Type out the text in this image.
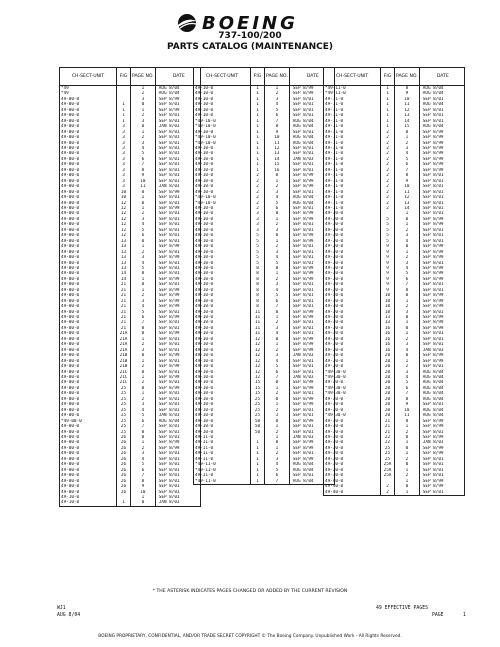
BOEING
737-100/200
PARTS CATALOG (MAINTENANCE)
CH-SECT-UNIT	FIG	PAGE NO.	DATE
*49		1	AUG 8/04
*49		2	AUG 8/04
49-00-0		3	SEP 8/99
49-00-0	1	0	SEP 8/01
49-00-0	1	1	SEP 8/99
49-00-0	1	2	SEP 8/01
49-00-0	1	3	SEP 8/01
49-00-0	3	0	JAN 8/03
49-00-0	3	1	SEP 8/01
49-00-0	3	2	SEP 8/01
49-00-0	3	3	SEP 8/01
49-00-0	3	4	SEP 8/01
49-00-0	3	5	SEP 8/01
49-00-0	3	6	SEP 8/01
49-00-0	3	7	SEP 8/01
49-00-0	3	8	SEP 8/01
49-00-0	3	9	SEP 8/01
49-00-0	3	10	SEP 8/01
49-00-0	3	11	JAN 8/03
49-00-0	10	0	SEP 8/99
49-00-0	10	1	SEP 8/01
49-00-0	12	0	SEP 8/01
49-00-0	12	1	SEP 8/99
49-00-0	12	2	SEP 8/01
49-00-0	12	3	SEP 8/01
49-00-0	12	4	SEP 8/01
49-00-0	12	5	SEP 8/01
49-00-0	12	6	SEP 8/01
49-00-0	13	0	SEP 8/01
49-00-0	13	1	SEP 8/99
49-00-0	13	2	SEP 8/01
49-00-0	13	3	SEP 8/99
49-00-0	13	4	SEP 8/01
49-00-0	13	5	SEP 8/01
49-00-0	14	0	SEP 8/01
49-00-0	14	1	SEP 8/99
49-00-0	21	0	SEP 8/01
49-00-0	21	1	SEP 8/99
49-00-0	21	2	SEP 8/99
49-00-0	21	3	SEP 8/99
49-00-0	21	4	SEP 8/99
49-00-0	21	5	SEP 8/01
49-00-0	21	6	SEP 8/99
49-00-0	21	7	SEP 8/01
49-00-0	21	8	SEP 8/01
49-00-0	21A	0	SEP 8/99
49-00-0	21A	1	SEP 8/01
49-00-0	21A	2	SEP 8/01
49-00-0	21A	3	SEP 8/01
49-00-0	21B	0	SEP 8/99
49-00-0	21B	1	SEP 8/01
49-00-0	21B	2	SEP 8/99
49-00-0	21C	0	SEP 8/01
49-00-0	21C	1	SEP 8/99
49-00-0	21C	2	SEP 8/01
49-00-0	25	0	SEP 8/99
49-00-0	25	1	SEP 8/01
49-00-0	25	2	SEP 8/01
49-00-0	25	3	SEP 8/01
49-00-0	25	4	SEP 8/01
49-00-0	25	5	JAN 8/03
*49-00-0	25	6	AUG 8/04
49-00-0	25	7	SEP 8/01
49-00-0	25	8	SEP 8/01
49-00-0	26	0	SEP 8/01
49-00-0	26	1	SEP 8/99
49-00-0	26	2	SEP 8/99
49-00-0	26	3	SEP 8/01
49-00-0	26	4	SEP 8/01
49-00-0	26	5	SEP 8/01
49-00-0	26	6	SEP 8/01
49-00-0	26	7	SEP 8/01
49-00-0	26	8	SEP 8/01
49-00-0	26	9	SEP 8/01
49-00-0	26	10	SEP 8/01
49-10-0		1	SEP 8/01
49-10-0	1	0	JAN 8/03
CH-SECT-UNIT	FIG	PAGE NO.	DATE
49-10-0	1	1	SEP 8/99
49-10-0	1	2	SEP 8/99
49-10-0	1	3	SEP 8/01
49-10-0	1	4	SEP 8/01
49-10-0	1	5	SEP 8/01
49-10-0	1	6	SEP 8/01
*49-10-0	1	7	AUG 8/04
*49-10-0	1	8	AUG 8/04
49-10-0	1	9	SEP 8/01
*49-10-0	1	10	AUG 8/04
*49-10-0	1	11	AUG 8/04
49-10-0	1	12	SEP 8/01
49-10-0	1	13	SEP 8/01
49-10-0	1	14	JAN 8/03
49-10-0	1	15	SEP 8/01
49-10-0	1	16	SEP 8/01
49-10-0	2	0	SEP 8/99
49-10-0	2	1	SEP 8/99
49-10-0	2	2	SEP 8/99
49-10-0	2	3	SEP 8/01
*49-10-0	2	4	AUG 8/04
*49-10-0	2	5	AUG 8/04
49-10-0	2	6	SEP 8/01
49-10-0	3	0	SEP 8/99
49-10-0	3	1	SEP 8/99
49-10-0	3	2	SEP 8/01
49-10-0	3	3	SEP 8/01
49-10-0	5	0	SEP 8/99
49-10-0	5	1	SEP 8/99
49-10-0	5	2	SEP 8/01
49-10-0	5	3	SEP 8/01
49-10-0	5	4	SEP 8/01
49-10-0	5	5	SEP 8/01
49-10-0	8	0	SEP 8/99
49-10-0	8	1	SEP 8/99
49-10-0	8	2	SEP 8/99
49-10-0	8	3	SEP 8/01
49-10-0	8	4	SEP 8/01
49-10-0	8	5	SEP 8/01
49-10-0	8	6	SEP 8/01
49-10-0	8	7	SEP 8/01
49-10-0	11	0	SEP 8/99
49-10-0	11	1	SEP 8/99
49-10-0	11	2	SEP 8/01
49-10-0	11	3	SEP 8/01
49-10-0	11	4	SEP 8/01
49-10-0	12	0	SEP 8/99
49-10-0	12	1	SEP 8/99
49-10-0	12	2	SEP 8/99
49-10-0	12	3	JAN 8/03
49-10-0	12	4	SEP 8/01
49-10-0	12	5	SEP 8/01
49-10-0	12	6	SEP 8/01
49-10-0	12	7	JAN 8/03
49-10-0	15	0	SEP 8/99
49-10-0	15	1	SEP 8/99
49-10-0	15	2	SEP 8/01
49-10-0	25	0	SEP 8/99
49-10-0	25	1	SEP 8/99
49-10-0	25	2	SEP 8/01
49-10-0	25	3	SEP 8/01
49-10-0	50	0	SEP 8/99
49-10-0	50	1	SEP 8/01
49-10-0	50	2	SEP 8/01
49-11-0		1	JAN 8/03
49-11-0	1	0	SEP 8/99
49-11-0	1	1	SEP 8/99
49-11-0	1	2	SEP 8/01
49-11-0	1	3	SEP 8/99
*49-11-0	1	4	AUG 8/04
*49-11-0	1	5	AUG 8/04
49-11-0	1	6	SEP 8/01
*49-11-0	1	7	AUG 8/04
CH-SECT-UNIT	FIG	PAGE NO.	DATE
*49-11-0	1	8	AUG 8/04
*49-11-0	1	9	AUG 8/04
49-11-0	1	10	SEP 8/01
49-11-0	1	11	AUG 8/04
49-11-0	1	12	SEP 8/01
49-11-0	1	13	SEP 8/01
49-11-0	1	14	SEP 8/01
49-11-0	1	15	AUG 8/04
49-11-0	2	0	SEP 8/99
49-11-0	2	1	SEP 8/99
49-11-0	2	2	SEP 8/99
49-11-0	2	3	SEP 8/99
49-11-0	2	4	SEP 8/99
49-11-0	2	5	SEP 8/99
49-11-0	2	6	SEP 8/99
49-11-0	2	7	SEP 8/99
49-11-0	2	8	SEP 8/01
49-11-0	2	9	SEP 8/01
49-11-0	2	10	SEP 8/01
49-11-0	2	11	SEP 8/01
49-11-0	2	12	SEP 8/01
49-11-0	2	13	SEP 8/01
49-11-0	2	14	SEP 8/01
49-30-0		1	SEP 8/01
49-30-0	5	0	SEP 8/99
49-30-0	5	1	SEP 8/99
49-30-0	5	2	SEP 8/01
49-30-0	5	3	SEP 8/01
49-30-0	5	4	SEP 8/01
49-30-0	9	0	SEP 8/99
49-30-0	9	1	SEP 8/99
49-30-0	9	2	SEP 8/99
49-30-0	9	3	SEP 8/01
49-30-0	9	4	SEP 8/99
49-30-0	9	5	SEP 8/99
49-30-0	9	6	SEP 8/99
49-30-0	9	7	SEP 8/01
49-30-0	9	8	SEP 8/01
49-30-0	10	0	SEP 8/99
49-30-0	10	1	SEP 8/99
49-30-0	10	2	SEP 8/99
49-30-0	10	3	SEP 8/01
49-30-0	13	0	SEP 8/99
49-30-0	13	1	SEP 8/99
49-30-0	16	0	SEP 8/99
49-30-0	16	1	SEP 8/01
49-30-0	16	2	SEP 8/01
49-30-0	16	3	SEP 8/01
49-30-0	16	4	JAN 8/03
49-30-0	20	0	SEP 8/99
49-30-0	20	1	SEP 8/99
49-30-0	20	2	SEP 8/01
*49-30-0	20	3	AUG 8/04
*49-30-0	20	4	AUG 8/04
49-30-0	20	5	AUG 8/04
*49-30-0	20	6	AUG 8/04
*49-30-0	20	7	AUG 8/04
49-30-0	20	8	AUG 8/04
49-30-0	20	9	SEP 8/01
49-30-0	20	10	AUG 8/04
*49-30-0	20	11	AUG 8/04
49-30-0	21	0	SEP 8/99
49-30-0	21	1	SEP 8/99
49-30-0	21	2	SEP 8/01
49-30-0	22	0	SEP 8/99
49-30-0	22	1	JAN 8/03
49-30-0	25	0	SEP 8/99
49-30-0	25	1	SEP 8/99
49-30-0	25	2	SEP 8/01
49-30-0	25A	0	SEP 8/01
49-30-0	25A	1	SEP 8/01
49-30-0	25A	2	SEP 8/01
49-40-0		1	SEP 8/99
49-40-0	2	0	SEP 8/99
49-40-0	2	1	SEP 8/01
* THE ASTERISK INDICATES PAGES CHANGED OR ADDED BY THE CURRENT REVISION
WJ1
AUG 8/04
49 EFFECTIVE PAGES
PAGE	1
BOEING PROPRIETARY, CONFIDENTIAL, AND/OR TRADE SECRET COPYRIGHT © The Boeing Company. Unpublished Work - All Rights Reserved.
